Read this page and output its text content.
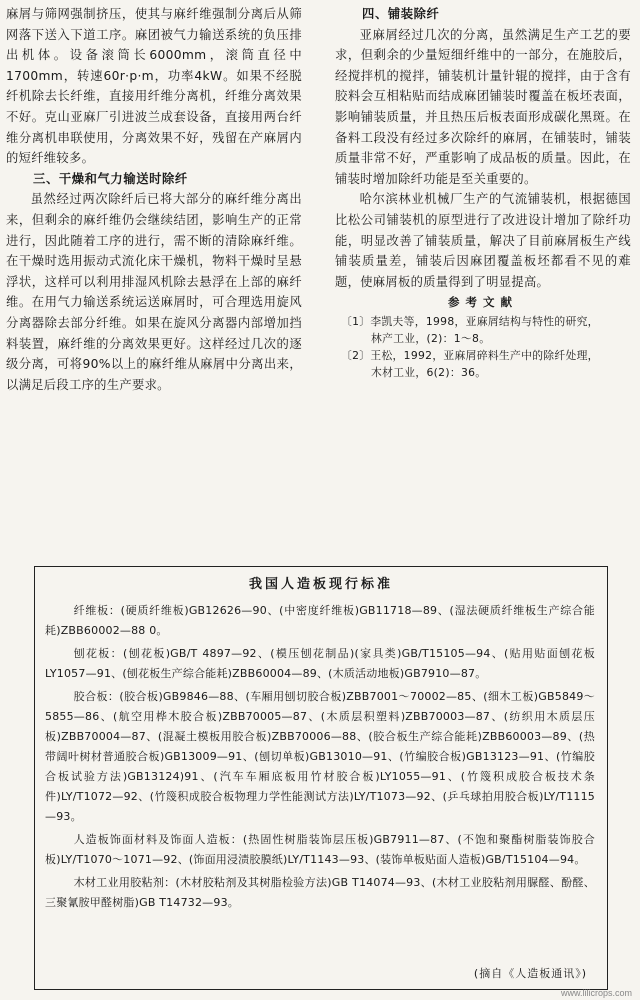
麻屑与筛网强制挤压，使其与麻纤维强制分离后从筛网落下送入下道工序。麻团被气力输送系统的负压排出机体。设备滚筒长6000mm，滚筒直径中1700mm，转速60r·p·m，功率4kW。如果不经脱纤机除去长纤维，直接用纤维分离机，纤维分离效果不好。克山亚麻厂引进波兰成套设备，直接用两台纤维分离机串联使用，分离效果不好，残留在产麻屑内的短纤维较多。

三、干燥和气力输送时除纤

虽然经过两次除纤后已将大部分的麻纤维分离出来，但剩余的麻纤维仍会继续结团，影响生产的正常进行，因此随着工序的进行，需不断的清除麻纤维。在干燥时选用振动式流化床干燥机，物料干燥时呈悬浮状，这样可以利用排湿风机除去悬浮在上部的麻纤维。在用气力输送系统运送麻屑时，可合理选用旋风分离器除去部分纤维。如果在旋风分离器内部增加挡料装置，麻纤维的分离效果更好。这样经过几次的逐级分离，可将90%以上的麻纤维从麻屑中分离出来，以满足后段工序的生产要求。

四、铺装除纤

亚麻屑经过几次的分离，虽然满足生产工艺的要求，但剩余的少量短细纤维中的一部分，在施胶后，经搅拌机的搅拌，铺装机计量针辊的搅拌，由于含有胶料会互相粘贴而结成麻团铺装时覆盖在板坯表面，影响铺装质量，并且热压后板表面形成碳化黑斑。在备料工段没有经过多次除纤的麻屑，在铺装时，铺装质量非常不好，严重影响了成品板的质量。因此，在铺装时增加除纤功能是至关重要的。

哈尔滨林业机械厂生产的气流铺装机，根据德国比松公司铺装机的原型进行了改进设计增加了除纤功能，明显改善了铺装质量，解决了目前麻屑板生产线铺装质量差，铺装后因麻团覆盖板坯都看不见的难题，使麻屑板的质量得到了明显提高。

参考文献

〔1〕李凯夫等，1998，亚麻屑结构与特性的研究，

林产工业，(2)：1～8。

〔2〕王松，1992，亚麻屑碎料生产中的除纤处理，

木材工业，6(2)：36。

我国人造板现行标准

纤维板：(硬质纤维板)GB12626—90、(中密度纤维板)GB11718—89、(湿法硬质纤维板生产综合能耗)ZBB60002—88 0。

刨花板：(刨花板)GB/T 4897—92、(模压刨花制品)(家具类)GB/T15105—94、(贴用贴面刨花板 LY1057—91、(刨花板生产综合能耗)ZBB60004—89、(木质活动地板)GB7910—87。

胶合板：(胶合板)GB9846—88、(车厢用刨切胶合板)ZBB7001～70002—85、(细木工板)GB5849～5855—86、(航空用桦木胶合板)ZBB70005—87、(木质层积塑料)ZBB70003—87、(纺织用木质层压板)ZBB70004—87、(混凝土模板用胶合板)ZBB70006—88、(胶合板生产综合能耗)ZBB60003—89、(热带阔叶树材普通胶合板)GB13009—91、(刨切单板)GB13010—91、(竹编胶合板)GB13123—91、(竹编胶合板试验方法)GB13124)91、(汽车车厢底板用竹材胶合板)LY1055—91、(竹篾积成胶合板技术条件)LY/T1072—92、(竹篾积成胶合板物理力学性能测试方法)LY/T1073—92、(乒乓球拍用胶合板)LY/T1115—93。

人造板饰面材料及饰面人造板：(热固性树脂装饰层压板)GB7911—87、(不饱和聚酯树脂装饰胶合板)LY/T1070～1071—92、(饰面用浸渍胶膜纸)LY/T1143—93、(装饰单板贴面人造板)GB/T15104—94。

木材工业用胶粘剂：(木材胶粘剂及其树脂检验方法)GB T14074—93、(木材工业胶粘剂用脲醛、酚醛、三聚氰胺甲醛树脂)GB T14732—93。

(摘自《人造板通讯》)
www.lilicrops.com
